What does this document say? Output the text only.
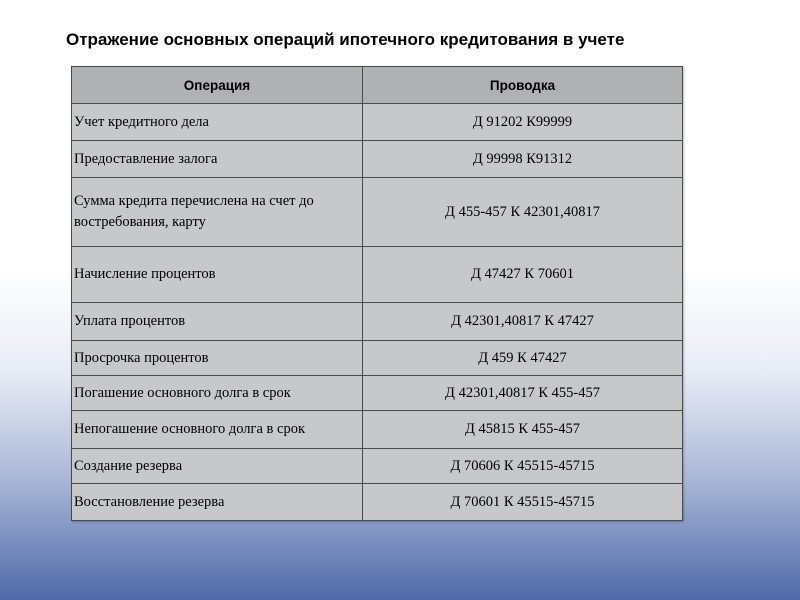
Отражение основных операций ипотечного кредитования в учете
Операция	Проводка
Учет кредитного дела	Д 91202 К99999
Предоставление залога	Д 99998 К91312
Сумма кредита перечислена на счет до востребования, карту	Д 455-457 К 42301,40817
Начисление процентов	Д 47427 К 70601
Уплата процентов	Д 42301,40817 К 47427
Просрочка процентов	Д 459 К 47427
Погашение основного долга в срок	Д 42301,40817 К 455-457
Непогашение основного долга в срок	Д 45815 К 455-457
Создание резерва	Д 70606 К 45515-45715
Восстановление резерва	Д 70601 К 45515-45715
